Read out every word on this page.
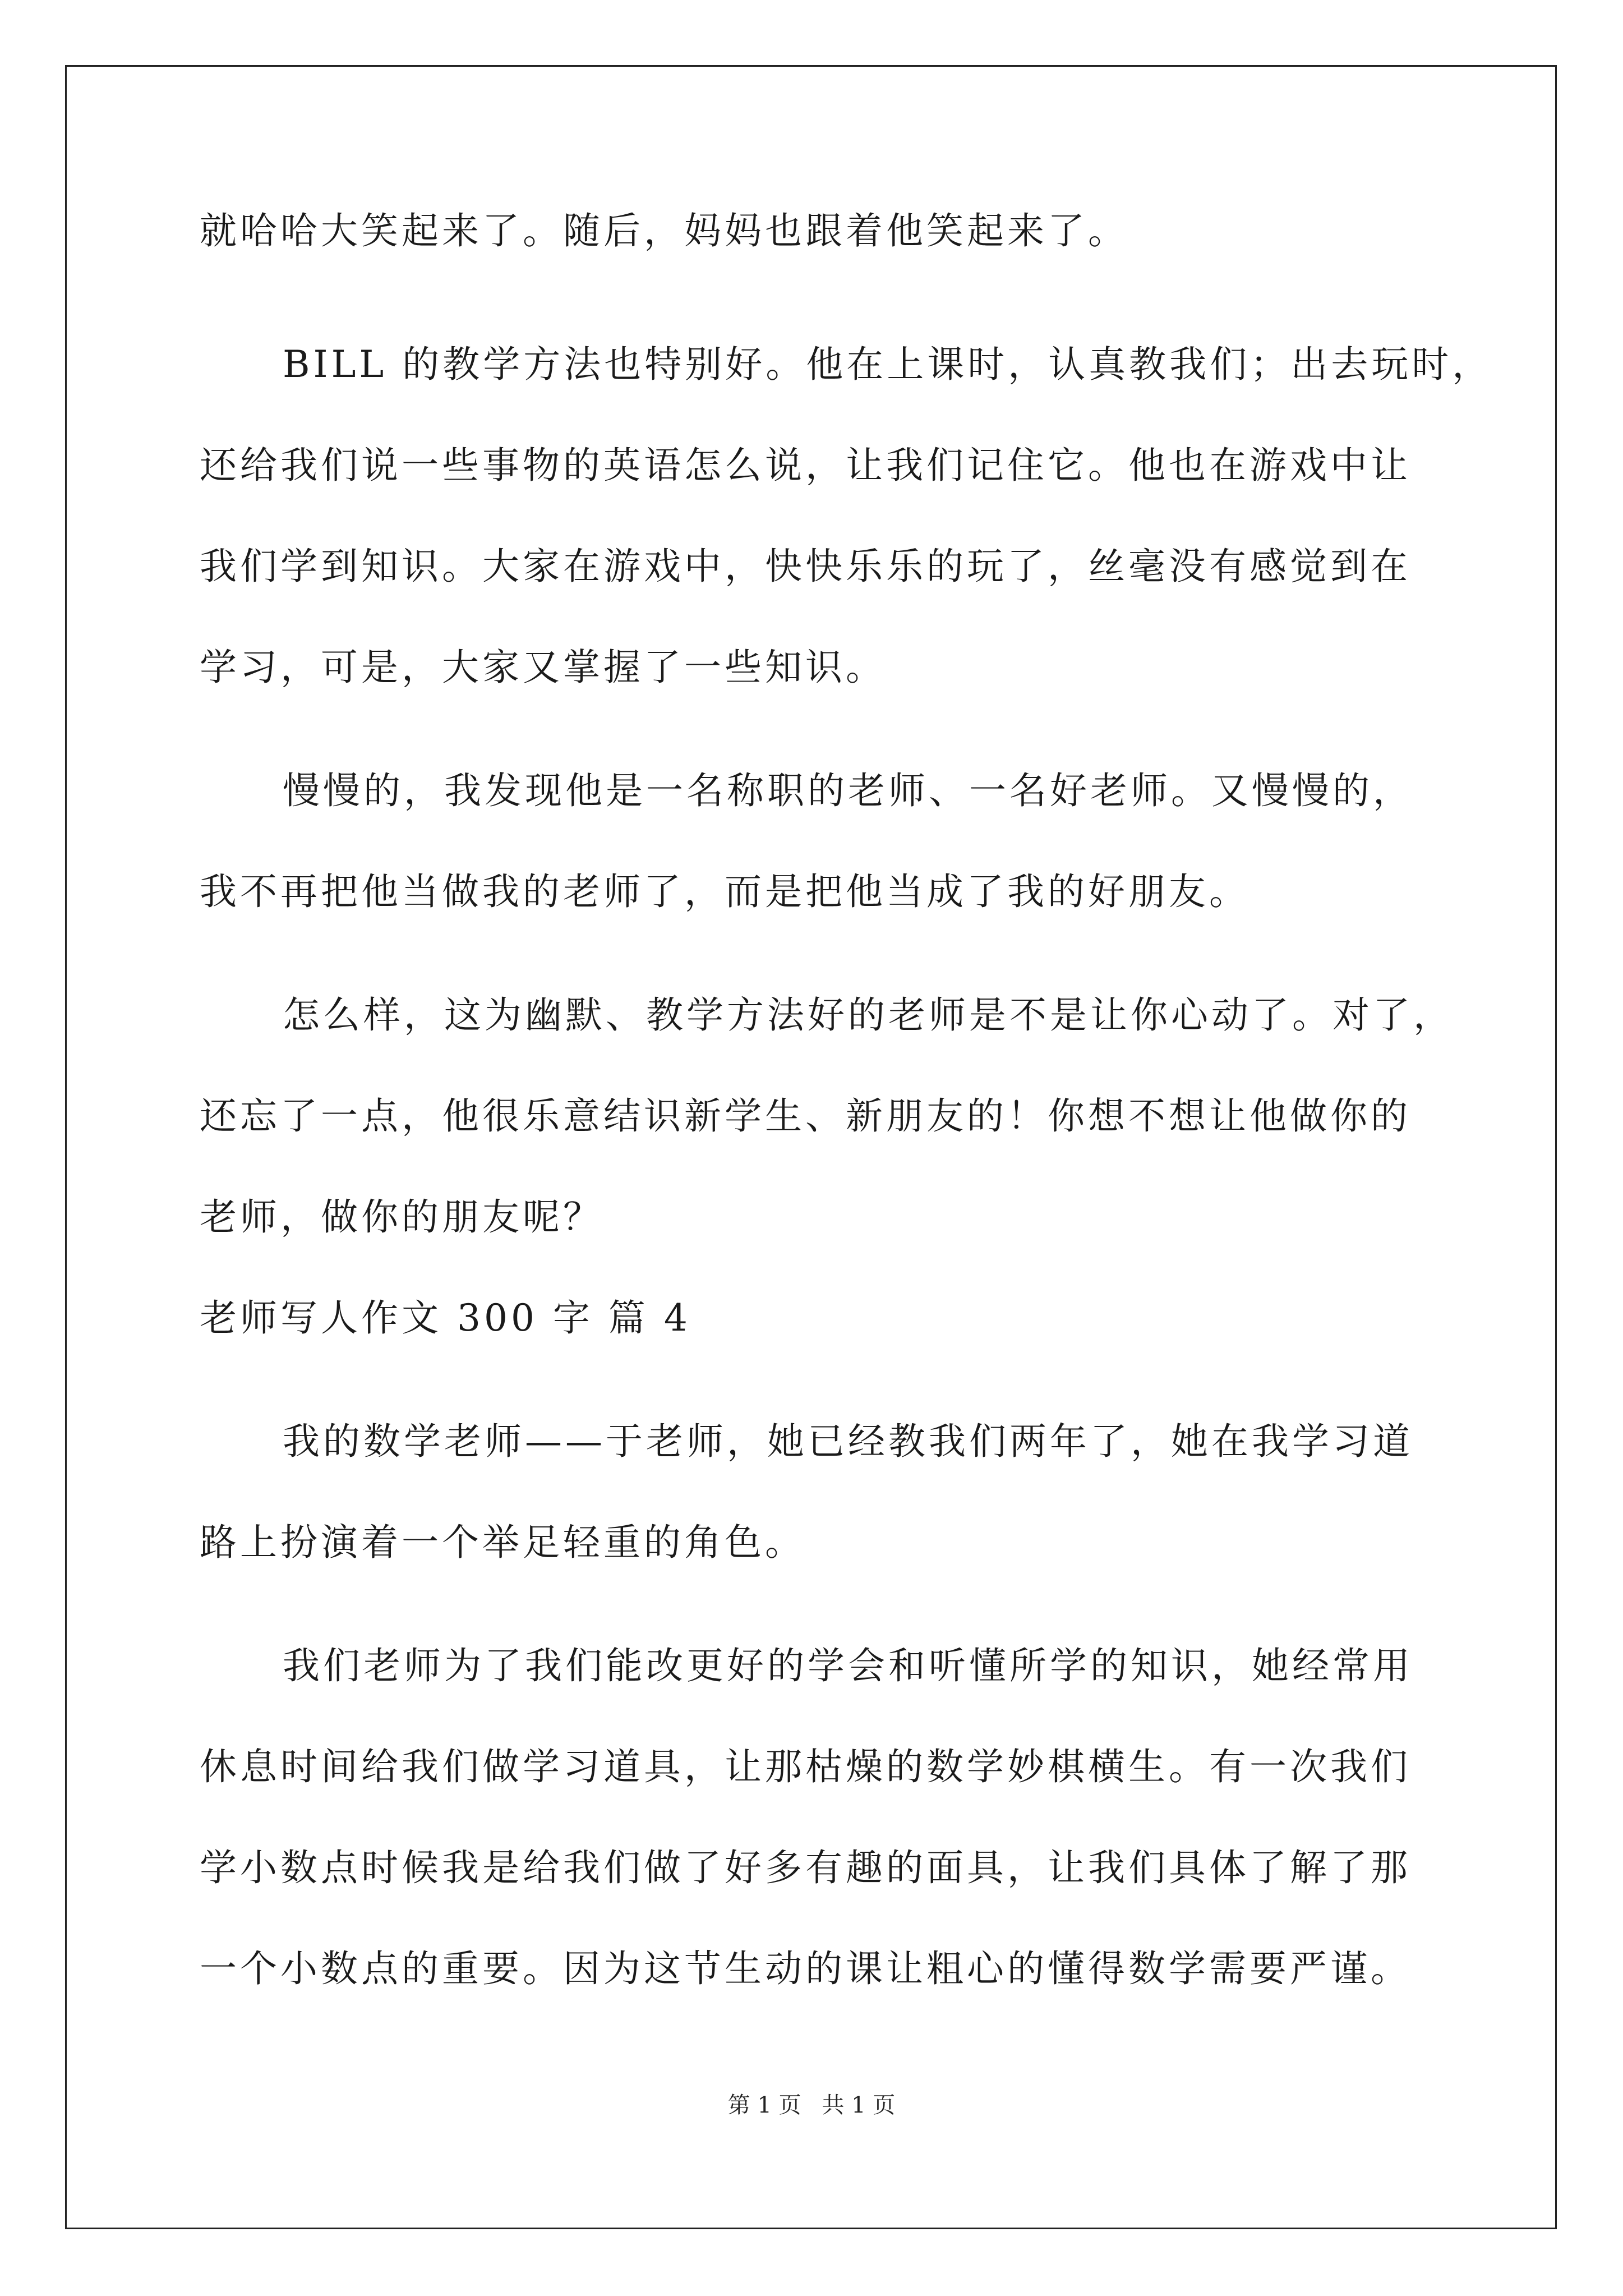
就哈哈大笑起来了。随后，妈妈也跟着他笑起来了。
BILL 的教学方法也特别好。他在上课时，认真教我们；出去玩时，
还给我们说一些事物的英语怎么说，让我们记住它。他也在游戏中让
我们学到知识。大家在游戏中，快快乐乐的玩了，丝毫没有感觉到在
学习，可是，大家又掌握了一些知识。
慢慢的，我发现他是一名称职的老师、一名好老师。又慢慢的，
我不再把他当做我的老师了，而是把他当成了我的好朋友。
怎么样，这为幽默、教学方法好的老师是不是让你心动了。对了，
还忘了一点，他很乐意结识新学生、新朋友的！你想不想让他做你的
老师，做你的朋友呢？
老师写人作文 300 字 篇 4
我的数学老师——于老师，她已经教我们两年了，她在我学习道
路上扮演着一个举足轻重的角色。
我们老师为了我们能改更好的学会和听懂所学的知识，她经常用
休息时间给我们做学习道具，让那枯燥的数学妙棋横生。有一次我们
学小数点时候我是给我们做了好多有趣的面具，让我们具体了解了那
一个小数点的重要。因为这节生动的课让粗心的懂得数学需要严谨。
第 1 页 共 1 页
